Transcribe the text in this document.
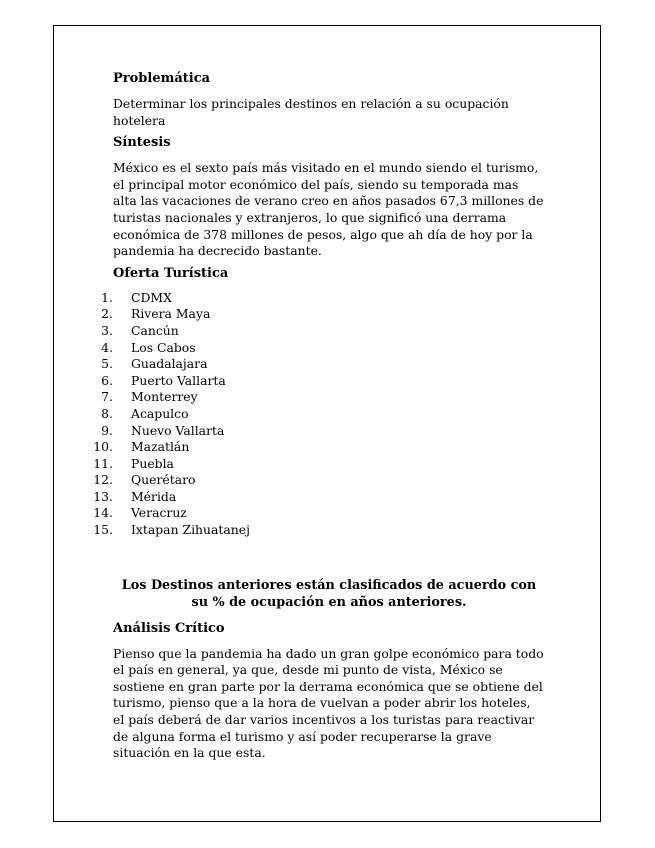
Problemática
Determinar los principales destinos en relación a su ocupación hotelera
Síntesis
México es el sexto país más visitado en el mundo siendo el turismo, el principal motor económico del país, siendo su temporada mas alta las vacaciones de verano creo en años pasados 67,3 millones de turistas nacionales y extranjeros, lo que significó una derrama económica de 378 millones de pesos, algo que ah día de hoy por la pandemia ha decrecido bastante.
Oferta Turística
1. CDMX
2. Rivera Maya
3. Cancún
4. Los Cabos
5. Guadalajara
6. Puerto Vallarta
7. Monterrey
8. Acapulco
9. Nuevo Vallarta
10. Mazatlán
11. Puebla
12. Querétaro
13. Mérida
14. Veracruz
15. Ixtapan Zihuatanej
Los Destinos anteriores están clasificados de acuerdo con su % de ocupación en años anteriores.
Análisis Crítico
Pienso que la pandemia ha dado un gran golpe económico para todo el país en general, ya que, desde mi punto de vista, México se sostiene en gran parte por la derrama económica que se obtiene del turismo, pienso que a la hora de vuelvan a poder abrir los hoteles, el país deberá de dar varios incentivos a los turistas para reactivar de alguna forma el turismo y así poder recuperarse la grave situación en la que esta.
